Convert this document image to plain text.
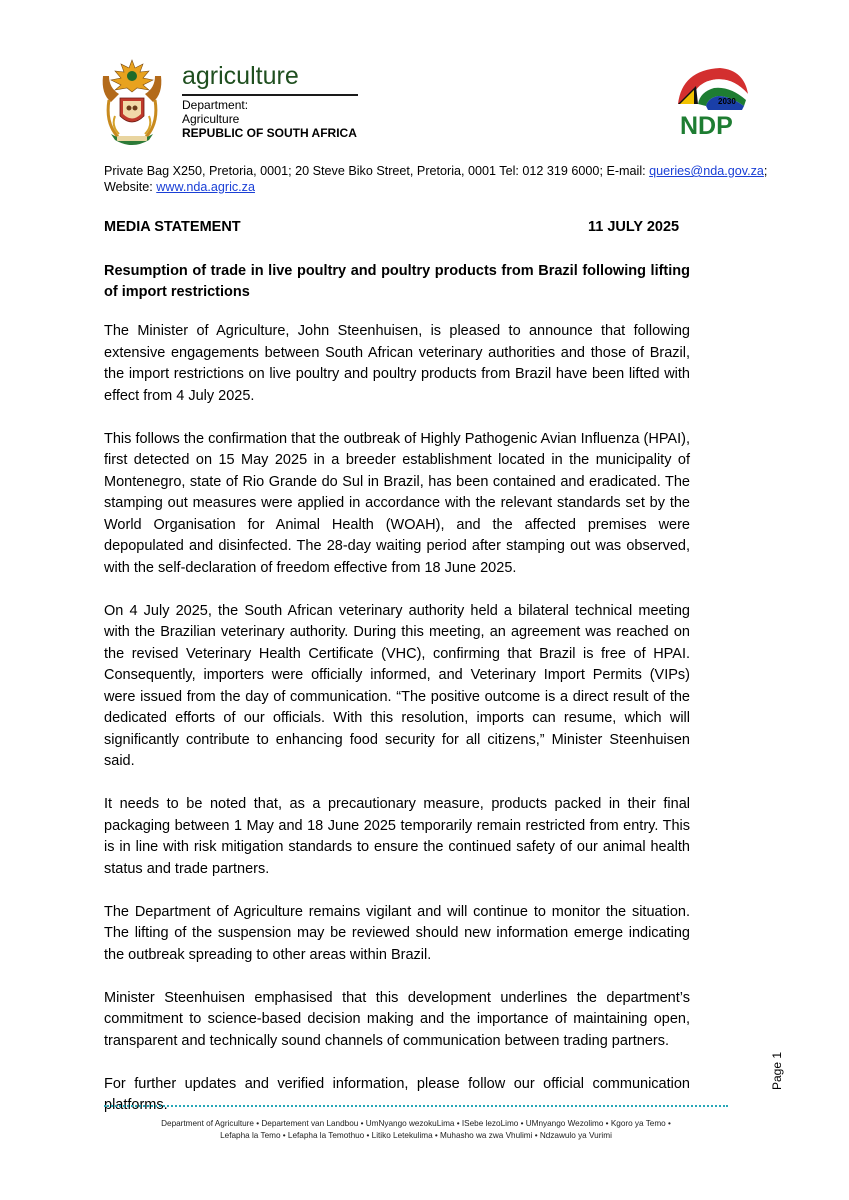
agriculture
Department:
Agriculture
REPUBLIC OF SOUTH AFRICA
2030
NDP
Private Bag X250, Pretoria, 0001; 20 Steve Biko Street, Pretoria, 0001 Tel: 012 319 6000; E-mail: queries@nda.gov.za;
Website: www.nda.agric.za
MEDIA STATEMENT	11 JULY 2025
Resumption of trade in live poultry and poultry products from Brazil following lifting of import restrictions

The Minister of Agriculture, John Steenhuisen, is pleased to announce that following extensive engagements between South African veterinary authorities and those of Brazil, the import restrictions on live poultry and poultry products from Brazil have been lifted with effect from 4 July 2025.

This follows the confirmation that the outbreak of Highly Pathogenic Avian Influenza (HPAI), first detected on 15 May 2025 in a breeder establishment located in the municipality of Montenegro, state of Rio Grande do Sul in Brazil, has been contained and eradicated. The stamping out measures were applied in accordance with the relevant standards set by the World Organisation for Animal Health (WOAH), and the affected premises were depopulated and disinfected. The 28-day waiting period after stamping out was observed, with the self-declaration of freedom effective from 18 June 2025.

On 4 July 2025, the South African veterinary authority held a bilateral technical meeting with the Brazilian veterinary authority. During this meeting, an agreement was reached on the revised Veterinary Health Certificate (VHC), confirming that Brazil is free of HPAI. Consequently, importers were officially informed, and Veterinary Import Permits (VIPs) were issued from the day of communication. “The positive outcome is a direct result of the dedicated efforts of our officials. With this resolution, imports can resume, which will significantly contribute to enhancing food security for all citizens,” Minister Steenhuisen said.

It needs to be noted that, as a precautionary measure, products packed in their final packaging between 1 May and 18 June 2025 temporarily remain restricted from entry. This is in line with risk mitigation standards to ensure the continued safety of our animal health status and trade partners.

The Department of Agriculture remains vigilant and will continue to monitor the situation. The lifting of the suspension may be reviewed should new information emerge indicating the outbreak spreading to other areas within Brazil.

Minister Steenhuisen emphasised that this development underlines the department’s commitment to science-based decision making and the importance of maintaining open, transparent and technically sound channels of communication between trading partners.

For further updates and verified information, please follow our official communication platforms.

Page 1
Department of Agriculture • Departement van Landbou • UmNyango wezokuLima • ISebe lezoLimo • UMnyango Wezolimo • Kgoro ya Temo •
Lefapha la Temo • Lefapha la Temothuo • Litiko Letekulima • Muhasho wa zwa Vhulimi • Ndzawulo ya Vurimi
